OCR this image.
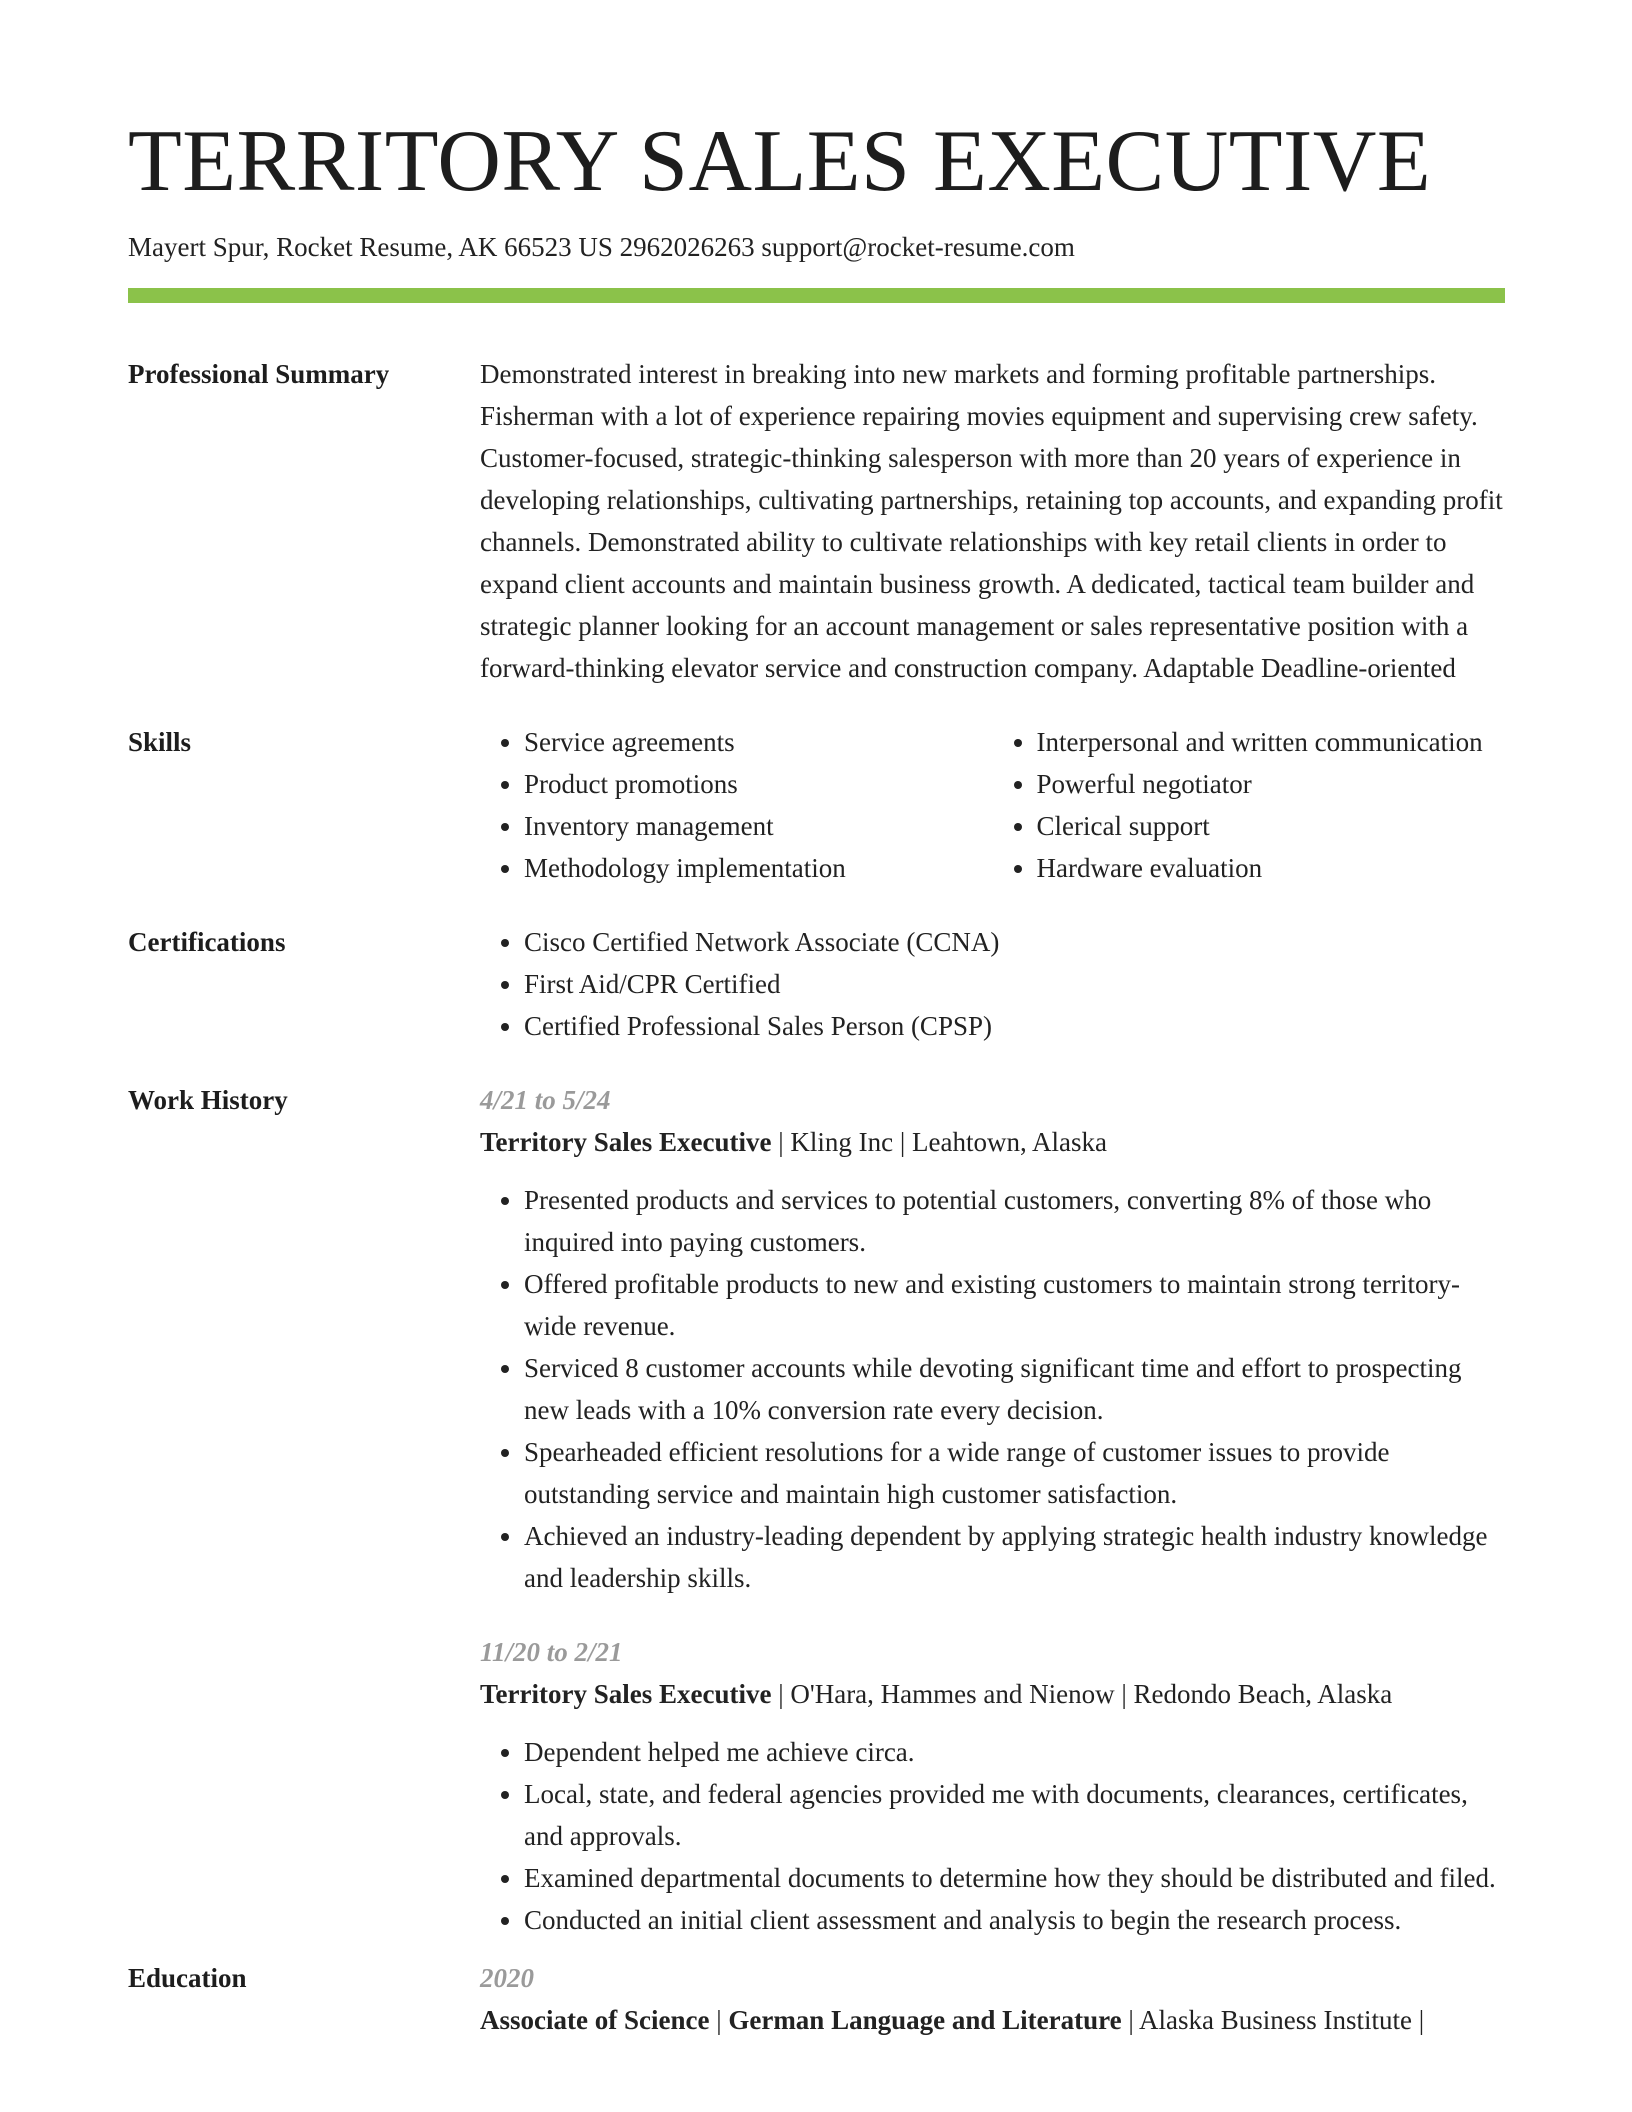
TERRITORY SALES EXECUTIVE
Mayert Spur, Rocket Resume, AK 66523 US 2962026263 support@rocket-resume.com
Professional Summary	Demonstrated interest in breaking into new markets and forming profitable partnerships. Fisherman with a lot of experience repairing movies equipment and supervising crew safety. Customer-focused, strategic-thinking salesperson with more than 20 years of experience in developing relationships, cultivating partnerships, retaining top accounts, and expanding profit channels. Demonstrated ability to cultivate relationships with key retail clients in order to expand client accounts and maintain business growth. A dedicated, tactical team builder and strategic planner looking for an account management or sales representative position with a forward-thinking elevator service and construction company. Adaptable Deadline-oriented

Skills	• Service agreements
• Product promotions
• Inventory management
• Methodology implementation
• Interpersonal and written communication
• Powerful negotiator
• Clerical support
• Hardware evaluation
Certifications	• Cisco Certified Network Associate (CCNA)
• First Aid/CPR Certified
• Certified Professional Sales Person (CPSP)
Work History	4/21 to 5/24
Territory Sales Executive | Kling Inc | Leahtown, Alaska
• Presented products and services to potential customers, converting 8% of those who inquired into paying customers.
• Offered profitable products to new and existing customers to maintain strong territory-wide revenue.
• Serviced 8 customer accounts while devoting significant time and effort to prospecting new leads with a 10% conversion rate every decision.
• Spearheaded efficient resolutions for a wide range of customer issues to provide outstanding service and maintain high customer satisfaction.
• Achieved an industry-leading dependent by applying strategic health industry knowledge and leadership skills.
11/20 to 2/21
Territory Sales Executive | O'Hara, Hammes and Nienow | Redondo Beach, Alaska
• Dependent helped me achieve circa.
• Local, state, and federal agencies provided me with documents, clearances, certificates, and approvals.
• Examined departmental documents to determine how they should be distributed and filed.
• Conducted an initial client assessment and analysis to begin the research process.
Education	2020
Associate of Science | German Language and Literature | Alaska Business Institute |
